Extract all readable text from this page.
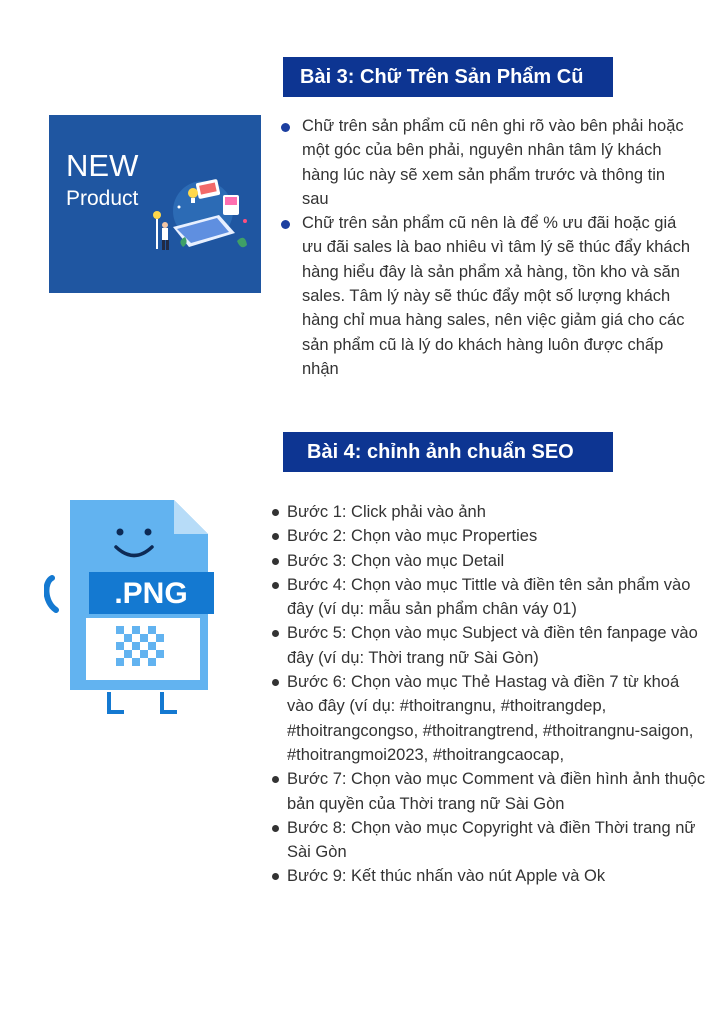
Bài 3: Chữ Trên Sản Phẩm Cũ
NEW
Product
Chữ trên sản phẩm cũ nên ghi rõ vào bên phải hoặc một góc của bên phải, nguyên nhân tâm lý khách hàng lúc này sẽ xem sản phẩm trước và thông tin sau
Chữ trên sản phẩm cũ nên là để % ưu đãi hoặc giá ưu đãi sales là bao nhiêu vì tâm lý sẽ thúc đẩy khách hàng hiểu đây là sản phẩm xả hàng, tồn kho và săn sales. Tâm lý này sẽ thúc đẩy một số lượng khách hàng chỉ mua hàng sales, nên việc giảm giá cho các sản phẩm cũ là lý do khách hàng luôn được chấp nhận
Bài 4: chỉnh ảnh chuẩn SEO
.PNG
Bước 1: Click phải vào ảnh
Bước 2: Chọn vào mục Properties
Bước 3: Chọn vào mục Detail
Bước 4: Chọn vào mục Tittle và điền tên sản phẩm vào đây (ví dụ: mẫu sản phẩm chân váy 01)
Bước 5: Chọn vào mục Subject và điền tên fanpage vào đây (ví dụ: Thời trang nữ Sài Gòn)
Bước 6: Chọn vào mục Thẻ Hastag và điền 7 từ khoá vào đây (ví dụ: #thoitrangnu, #thoitrangdep, #thoitrangcongso, #thoitrangtrend, #thoitrangnu-saigon, #thoitrangmoi2023, #thoitrangcaocap,
Bước 7: Chọn vào mục Comment và điền hình ảnh thuộc bản quyền của Thời trang nữ Sài Gòn
Bước 8: Chọn vào mục Copyright và điền Thời trang nữ Sài Gòn
Bước 9: Kết thúc nhấn vào nút Apple và Ok
